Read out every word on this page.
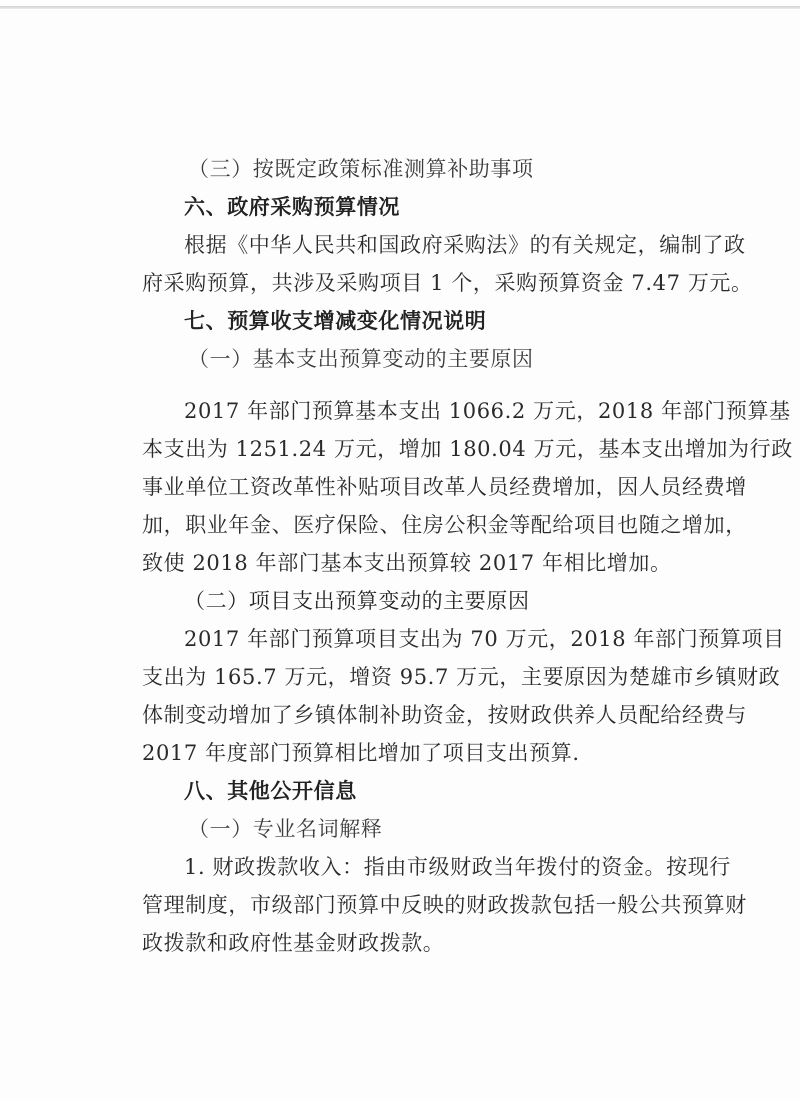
（三）按既定政策标准测算补助事项
六、政府采购预算情况
根据《中华人民共和国政府采购法》的有关规定，编制了政
府采购预算，共涉及采购项目 1 个，采购预算资金 7.47 万元。
七、预算收支增减变化情况说明
（一）基本支出预算变动的主要原因
2017 年部门预算基本支出 1066.2 万元，2018 年部门预算基
本支出为 1251.24 万元，增加 180.04 万元，基本支出增加为行政
事业单位工资改革性补贴项目改革人员经费增加，因人员经费增
加，职业年金、医疗保险、住房公积金等配给项目也随之增加，
致使 2018 年部门基本支出预算较 2017 年相比增加。
（二）项目支出预算变动的主要原因
2017 年部门预算项目支出为 70 万元，2018 年部门预算项目
支出为 165.7 万元，增资 95.7 万元，主要原因为楚雄市乡镇财政
体制变动增加了乡镇体制补助资金，按财政供养人员配给经费与
2017 年度部门预算相比增加了项目支出预算.
八、其他公开信息
（一）专业名词解释
1. 财政拨款收入：指由市级财政当年拨付的资金。按现行
管理制度，市级部门预算中反映的财政拨款包括一般公共预算财
政拨款和政府性基金财政拨款。
